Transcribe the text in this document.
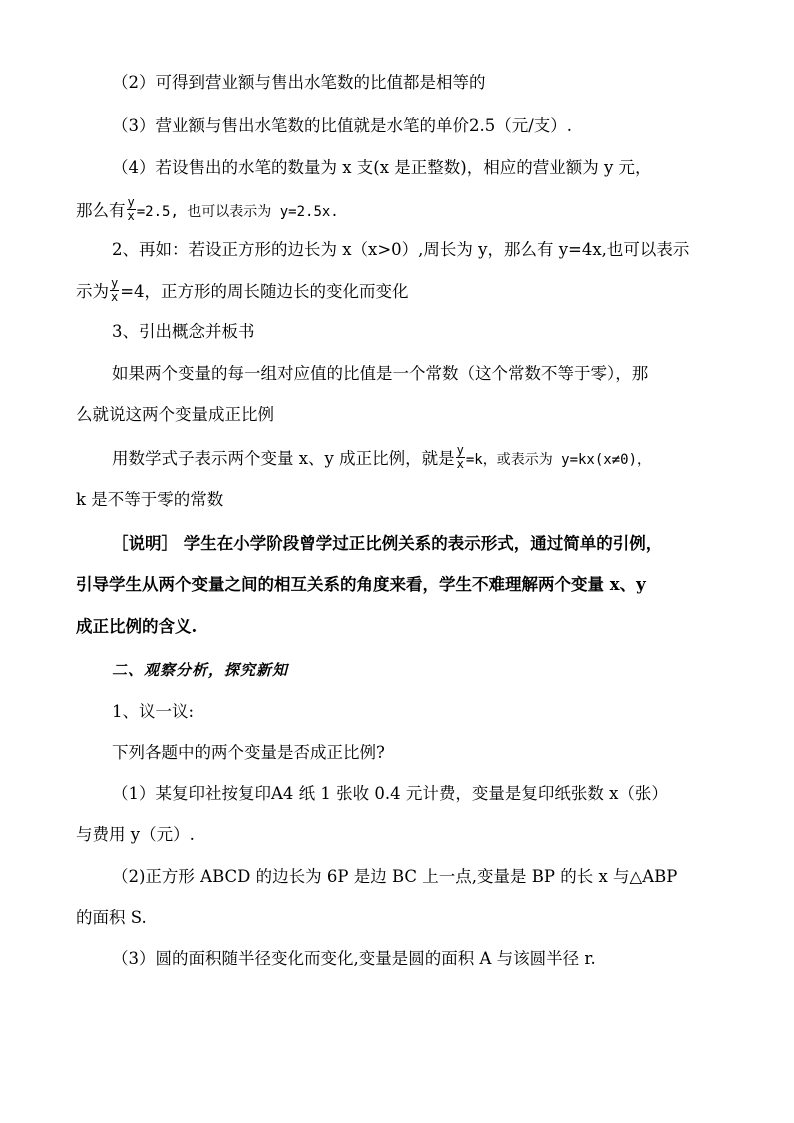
（2）可得到营业额与售出水笔数的比值都是相等的
（3）营业额与售出水笔数的比值就是水笔的单价2.5（元/支）.
（4）若设售出的水笔的数量为 x 支(x 是正整数)，相应的营业额为 y 元，
那么有 $\frac{y}{x} =2.5$, 也可以表示为 y=2.5x.
2、再如：若设正方形的边长为 x（x>0）,周长为 y，那么有 y=4x,也可以表示
示为 $\frac{y}{x} =4$，正方形的周长随边长的变化而变化
3、引出概念并板书
如果两个变量的每一组对应值的比值是一个常数（这个常数不等于零），那
么就说这两个变量成正比例
用数学式子表示两个变量 x、y 成正比例，就是 $\frac{y}{x} =k$，或表示为 y=kx(x≠0)，
k 是不等于零的常数
［说明］ 学生在小学阶段曾学过正比例关系的表示形式，通过简单的引例，
引导学生从两个变量之间的相互关系的角度来看，学生不难理解两个变量 x、y
成正比例的含义.
二、观察分析，探究新知
1、议一议:
下列各题中的两个变量是否成正比例?
（1）某复印社按复印A4 纸 1 张收 0.4 元计费，变量是复印纸张数 x（张）
与费用 y（元）.
（2)正方形 ABCD 的边长为 6P 是边 BC 上一点,变量是 BP 的长 x 与△ABP
的面积 S.
（3）圆的面积随半径变化而变化,变量是圆的面积 A 与该圆半径 r.
